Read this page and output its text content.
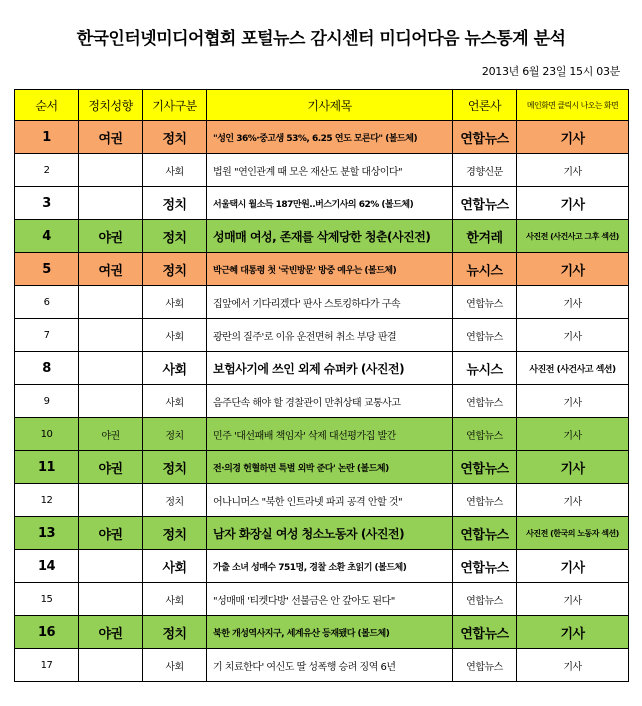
한국인터넷미디어협회 포털뉴스 감시센터 미디어다음 뉴스통계 분석
2013년 6월 23일 15시 03분
순서	정치성향	기사구분	기사제목	언론사	메인화면 클릭시 나오는 화면
1	여권	정치	"성인 36%·중고생 53%, 6.25 연도 모른다" (볼드체)	연합뉴스	기사
2		사회	법원 "연인관계 때 모은 재산도 분할 대상이다"	경향신문	기사
3		정치	서울택시 월소득 187만원..버스기사의 62% (볼드체)	연합뉴스	기사
4	야권	정치	성매매 여성, 존재를 삭제당한 청춘(사진전)	한겨레	사진전 (사건사고 그후 섹션)
5	여권	정치	박근혜 대통령 첫 '국빈방문' 방중 예우는 (볼드체)	뉴시스	기사
6		사회	집앞에서 기다리겠다' 판사 스토킹하다가 구속	연합뉴스	기사
7		사회	광란의 질주'로 이유 운전면허 취소 부당 판결	연합뉴스	기사
8		사회	보험사기에 쓰인 외제 슈퍼카 (사진전)	뉴시스	사진전 (사건사고 섹션)
9		사회	음주단속 해야 할 경찰관이 만취상태 교통사고	연합뉴스	기사
10	야권	정치	민주 '대선패배 책임자' 삭제 대선평가집 발간	연합뉴스	기사
11	야권	정치	전·의경 헌혈하면 특별 외박 준다' 논란 (볼드체)	연합뉴스	기사
12		정치	어나니머스 "북한 인트라넷 파괴 공격 안할 것"	연합뉴스	기사
13	야권	정치	남자 화장실 여성 청소노동자 (사진전)	연합뉴스	사진전 (한국의 노동자 섹션)
14		사회	가출 소녀 성매수 751명, 경찰 소환 초읽기 (볼드체)	연합뉴스	기사
15		사회	"성매매 '티켓다방' 선불금은 안 갚아도 된다"	연합뉴스	기사
16	야권	정치	북한 개성역사지구, 세계유산 등재됐다 (볼드체)	연합뉴스	기사
17		사회	기 치료한다' 여신도 딸 성폭행 승려 징역 6년	연합뉴스	기사
